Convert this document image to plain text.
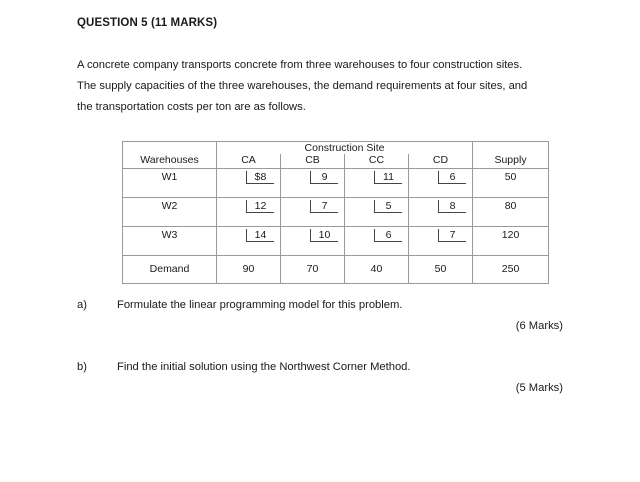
QUESTION 5 (11 MARKS)
A concrete company transports concrete from three warehouses to four construction sites.
The supply capacities of the three warehouses, the demand requirements at four sites, and
the transportation costs per ton are as follows.
	Construction Site				
Warehouses	CA	CB	CC	CD	Supply

W1	$8	9	11	6	50

W2	12	7	5	8	80

W3	14	10	6	7	120

Demand	90	70	40	50	250
a)	Formulate the linear programming model for this problem.
(6 Marks)
b)	Find the initial solution using the Northwest Corner Method.
(5 Marks)
